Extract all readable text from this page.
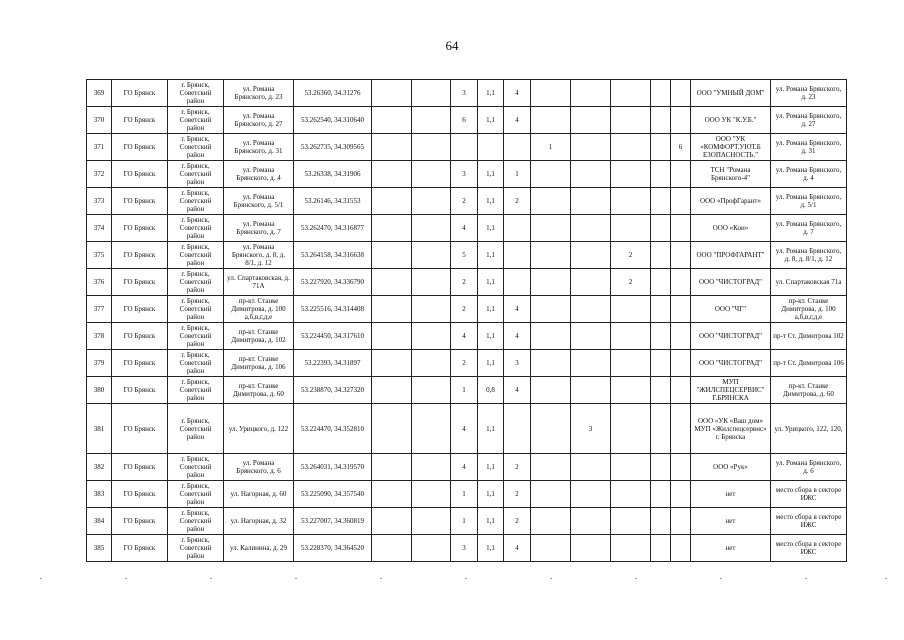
64
369	ГО Брянск	г. Брянск, Советский район	ул. Романа Брянского, д. 23	53.26360, 34.31276			3	1,1	4						ООО "УМНЫЙ ДОМ"	ул. Романа Брянского, д. 23
370	ГО Брянск	г. Брянск, Советский район	ул. Романа Брянского, д. 27	53.262540, 34.310640			6	1,1	4						ООО УК "К.У.Б."	ул. Романа Брянского, д. 27
371	ГО Брянск	г. Брянск, Советский район	ул. Романа Брянского, д. 31	53.262735, 34.309565						1				6	ООО "УК «КОМФОРТ.УЮТ.Б ЕЗОПАСНОСТЬ."	ул. Романа Брянского, д. 31
372	ГО Брянск	г. Брянск, Советский район	ул. Романа Брянского, д. 4	53.26338, 34.31906			3	1,1	1						ТСН "Романа Брянского-4"	ул. Романа Брянского, д. 4
373	ГО Брянск	г. Брянск, Советский район	ул. Романа Брянского, д. 5/1	53.26146, 34.31553			2	1,1	2						ООО «ПрофГарант»	ул. Романа Брянского, д. 5/1
374	ГО Брянск	г. Брянск, Советский район	ул. Романа Брянского, д. 7	53.262470, 34.316877			4	1,1							ООО «Кои»	ул. Романа Брянского, д. 7
375	ГО Брянск	г. Брянск, Советский район	ул. Романа Брянского, д. 8, д. 8/1, д. 12	53.264158, 34.316638			5	1,1				2			ООО "ПРОФГАРАНТ"	ул. Романа Брянского, д. 8, д. 8/1, д. 12
376	ГО Брянск	г. Брянск, Советский район	ул. Спартаковская, д. 71А	53.227920, 34.336790			2	1,1				2			ООО "ЧИСТОГРАД"	ул. Спартаковская 71а
377	ГО Брянск	г. Брянск, Советский район	пр-кт. Станке Димитрова, д. 100 а,б,в,г,д,е	53.225516, 34.314408			2	1,1	4						ООО "ЧГ"	пр-кт. Станке Димитрова, д. 100 а,б,в,г,д,е
378	ГО Брянск	г. Брянск, Советский район	пр-кт. Станке Димитрова, д. 102	53.224450, 34.317610			4	1,1	4						ООО "ЧИСТОГРАД"	пр-т Ст. Димитрова 102
379	ГО Брянск	г. Брянск, Советский район	пр-кт. Станке Димитрова, д. 106	53.22393, 34.31897			2	1,1	3						ООО "ЧИСТОГРАД"	пр-т Ст. Димитрова 106
380	ГО Брянск	г. Брянск, Советский район	пр-кт. Станке Димитрова, д. 60	53.238870, 34.327320			1	0,8	4						МУП "ЖИЛСПЕЦСЕРВИС" Г.БРЯНСКА	пр-кт. Станке Димитрова, д. 60
381	ГО Брянск	г. Брянск, Советский район	ул. Урицкого, д. 122	53.224470, 34.352810			4	1,1			3				ООО «УК «Ваш дом» МУП «Жилспецсервис» г. Брянска	ул. Урицкого, 122, 120,
382	ГО Брянск	г. Брянск, Советский район	ул. Романа Брянского, д. 6	53.264031, 34.319570			4	1,1	2						ООО «Рук»	ул. Романа Брянского, д. 6
383	ГО Брянск	г. Брянск, Советский район	ул. Нагорная, д. 60	53.225090, 34.357540			1	1,1	2						нет	место сбора в секторе ИЖС
384	ГО Брянск	г. Брянск, Советский район	ул. Нагорная, д. 32	53.227007, 34.360819			1	1,1	2						нет	место сбора в секторе ИЖС
385	ГО Брянск	г. Брянск, Советский район	ул. Калинина, д. 29	53.228370, 34.364520			3	1,1	4						нет	место сбора в секторе ИЖС
